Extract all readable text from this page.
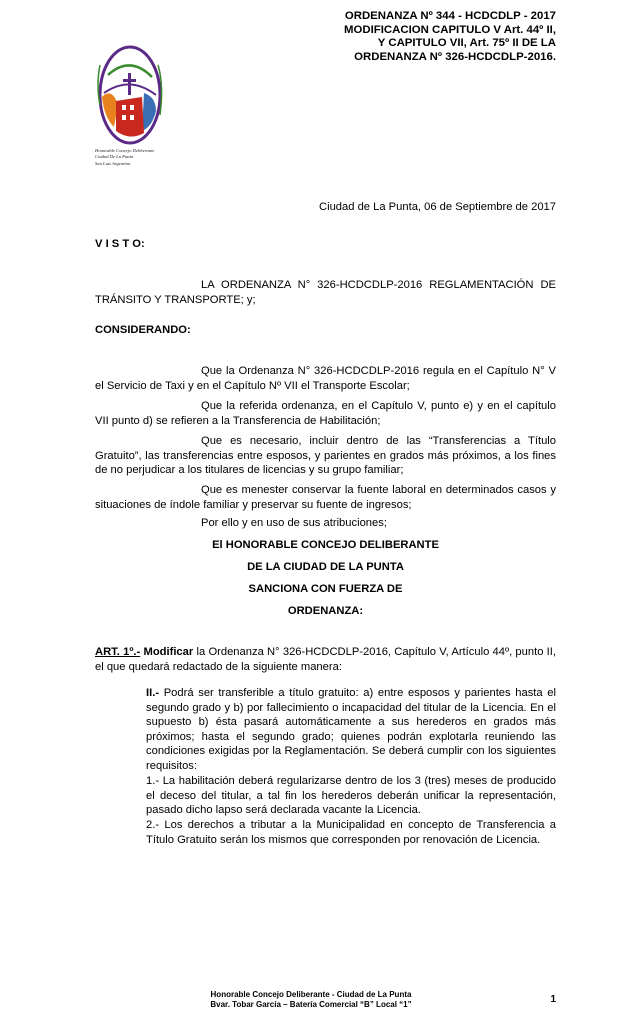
ORDENANZA Nº 344 - HCDCDLP - 2017
MODIFICACION CAPITULO V Art. 44º II,
Y CAPITULO VII, Art. 75º II DE LA
ORDENANZA Nº 326-HCDCDLP-2016.
Honorable Concejo Deliberante
Ciudad De La Punta
San Luis Argentina
Ciudad de La Punta, 06 de Septiembre de 2017
V I S T O:
LA ORDENANZA N° 326-HCDCDLP-2016 REGLAMENTACIÓN DE TRÁNSITO Y TRANSPORTE; y;
CONSIDERANDO:
Que la Ordenanza N° 326-HCDCDLP-2016 regula en el Capítulo N° V el Servicio de Taxi y en el Capítulo Nº VII el Transporte Escolar;
Que la referida ordenanza, en el Capítulo V, punto e) y en el capítulo VII punto d) se refieren a la Transferencia de Habilitación;
Que es necesario, incluir dentro de las “Transferencias a Título Gratuito”, las transferencias entre esposos, y parientes en grados más próximos, a los fines de no perjudicar a los titulares de licencias y su grupo familiar;
Que es menester conservar la fuente laboral en determinados casos y situaciones de índole familiar y preservar su fuente de ingresos;
Por ello y en uso de sus atribuciones;
El HONORABLE CONCEJO DELIBERANTE
DE LA CIUDAD DE LA PUNTA
SANCIONA CON FUERZA DE
ORDENANZA:
ART. 1º.- Modificar la Ordenanza N° 326-HCDCDLP-2016, Capítulo V, Artículo 44º, punto II, el que quedará redactado de la siguiente manera:
II.- Podrá ser transferible a título gratuito: a) entre esposos y parientes hasta el segundo grado y b) por fallecimiento o incapacidad del titular de la Licencia. En el supuesto b) ésta pasará automáticamente a sus herederos en grados más próximos; hasta el segundo grado; quienes podrán explotarla reuniendo las condiciones exigidas por la Reglamentación. Se deberá cumplir con los siguientes requisitos:
1.- La habilitación deberá regularizarse dentro de los 3 (tres) meses de producido el deceso del titular, a tal fin los herederos deberán unificar la representación, pasado dicho lapso será declarada vacante la Licencia.
2.- Los derechos a tributar a la Municipalidad en concepto de Transferencia a Título Gratuito serán los mismos que corresponden por renovación de Licencia.
Honorable Concejo Deliberante - Ciudad de La Punta
Bvar. Tobar García – Batería Comercial “B” Local “1”	1
